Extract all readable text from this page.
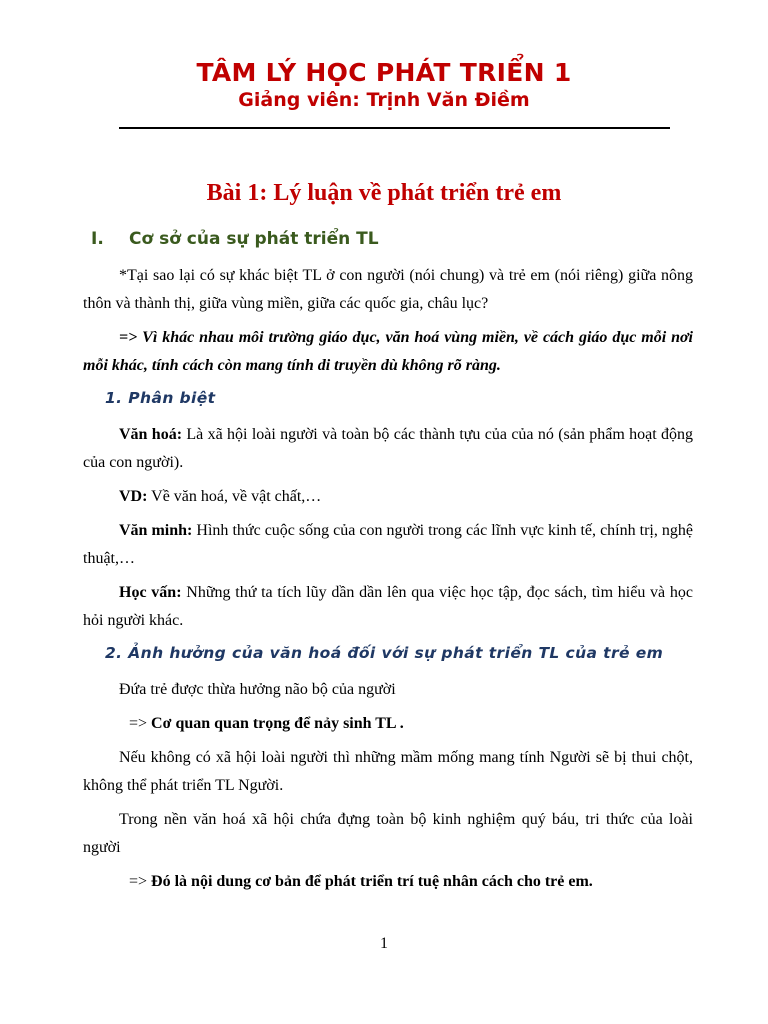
TÂM LÝ HỌC PHÁT TRIỂN 1
Giảng viên: Trịnh Văn Điềm
Bài 1: Lý luận về phát triển trẻ em
I. Cơ sở của sự phát triển TL
*Tại sao lại có sự khác biệt TL ở con người (nói chung) và trẻ em (nói riêng) giữa nông thôn và thành thị, giữa vùng miền, giữa các quốc gia, châu lục?
=> Vì khác nhau môi trường giáo dục, văn hoá vùng miền, về cách giáo dục mỗi nơi mỗi khác, tính cách còn mang tính di truyền dù không rõ ràng.
1. Phân biệt
Văn hoá: Là xã hội loài người và toàn bộ các thành tựu của của nó (sản phẩm hoạt động của con người).
VD: Về văn hoá, về vật chất,…
Văn minh: Hình thức cuộc sống của con người trong các lĩnh vực kinh tế, chính trị, nghệ thuật,…
Học vấn: Những thứ ta tích lũy dần dần lên qua việc học tập, đọc sách, tìm hiểu và học hỏi người khác.
2. Ảnh hưởng của văn hoá đối với sự phát triển TL của trẻ em
Đứa trẻ được thừa hưởng não bộ của người
=> Cơ quan quan trọng để nảy sinh TL .
Nếu không có xã hội loài người thì những mầm mống mang tính Người sẽ bị thui chột, không thể phát triển TL Người.
Trong nền văn hoá xã hội chứa đựng toàn bộ kinh nghiệm quý báu, tri thức của loài người
=> Đó là nội dung cơ bản để phát triển trí tuệ nhân cách cho trẻ em.
1
